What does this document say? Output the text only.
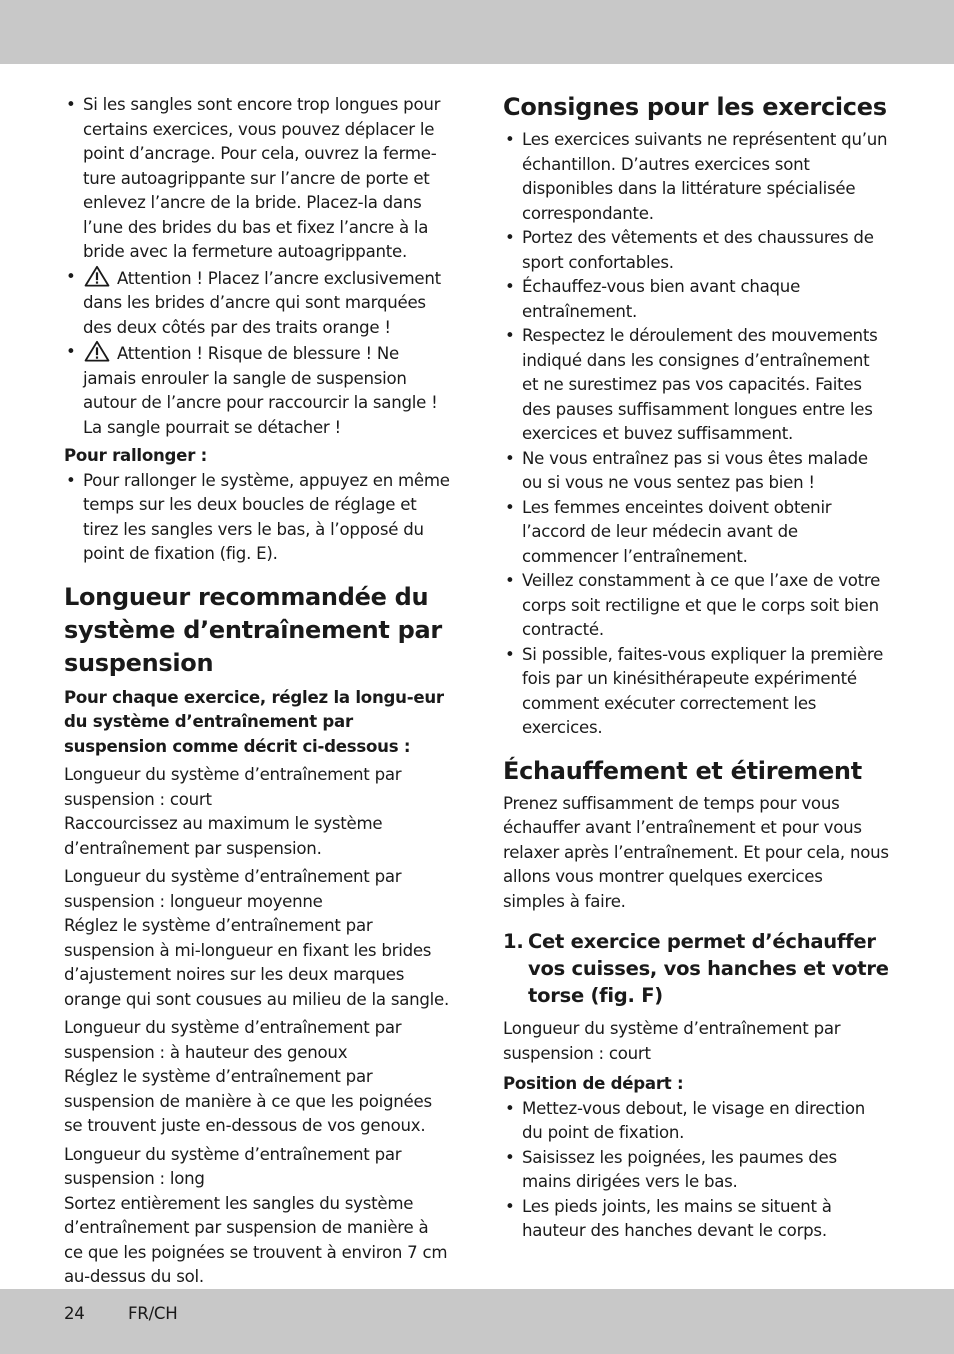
• Si les sangles sont encore trop longues pour certains exercices, vous pouvez déplacer le point d’ancrage. Pour cela, ouvrez la ferme-ture autoagrippante sur l’ancre de porte et enlevez l’ancre de la bride. Placez-la dans l’une des brides du bas et fixez l’ancre à la bride avec la fermeture autoagrippante.
• Attention ! Placez l’ancre exclusivement dans les brides d’ancre qui sont marquées des deux côtés par des traits orange !
• Attention ! Risque de blessure ! Ne jamais enrouler la sangle de suspension autour de l’ancre pour raccourcir la sangle ! La sangle pourrait se détacher !

Pour rallonger :

• Pour rallonger le système, appuyez en même temps sur les deux boucles de réglage et tirez les sangles vers le bas, à l’opposé du point de fixation (fig. E).
Longueur recommandée du système d’entraînement par suspension

Pour chaque exercice, réglez la longu-eur du système d’entraînement par suspension comme décrit ci-dessous :

Longueur du système d’entraînement par suspension : court

Raccourcissez au maximum le système d’entraînement par suspension.

Longueur du système d’entraînement par suspension : longueur moyenne

Réglez le système d’entraînement par suspension à mi-longueur en fixant les brides d’ajustement noires sur les deux marques orange qui sont cousues au milieu de la sangle.

Longueur du système d’entraînement par suspension : à hauteur des genoux

Réglez le système d’entraînement par suspension de manière à ce que les poignées se trouvent juste en-dessous de vos genoux.

Longueur du système d’entraînement par suspension : long

Sortez entièrement les sangles du système d’entraînement par suspension de manière à ce que les poignées se trouvent à environ 7 cm au-dessus du sol.

Consignes pour les exercices
• Les exercices suivants ne représentent qu’un échantillon. D’autres exercices sont disponibles dans la littérature spécialisée correspondante.
• Portez des vêtements et des chaussures de sport confortables.
• Échauffez-vous bien avant chaque entraînement.
• Respectez le déroulement des mouvements indiqué dans les consignes d’entraînement et ne surestimez pas vos capacités. Faites des pauses suffisamment longues entre les exercices et buvez suffisamment.
• Ne vous entraînez pas si vous êtes malade ou si vous ne vous sentez pas bien !
• Les femmes enceintes doivent obtenir l’accord de leur médecin avant de commencer l’entraînement.
• Veillez constamment à ce que l’axe de votre corps soit rectiligne et que le corps soit bien contracté.
• Si possible, faites-vous expliquer la première fois par un kinésithérapeute expérimenté comment exécuter correctement les exercices.
Échauffement et étirement

Prenez suffisamment de temps pour vous échauffer avant l’entraînement et pour vous relaxer après l’entraînement. Et pour cela, nous allons vous montrer quelques exercices simples à faire.

1. Cet exercice permet d’échauffer vos cuisses, vos hanches et votre torse (fig. F)

Longueur du système d’entraînement par suspension : court

Position de départ :

• Mettez-vous debout, le visage en direction du point de fixation.
• Saisissez les poignées, les paumes des mains dirigées vers le bas.
• Les pieds joints, les mains se situent à hauteur des hanches devant le corps.
24	FR/CH
